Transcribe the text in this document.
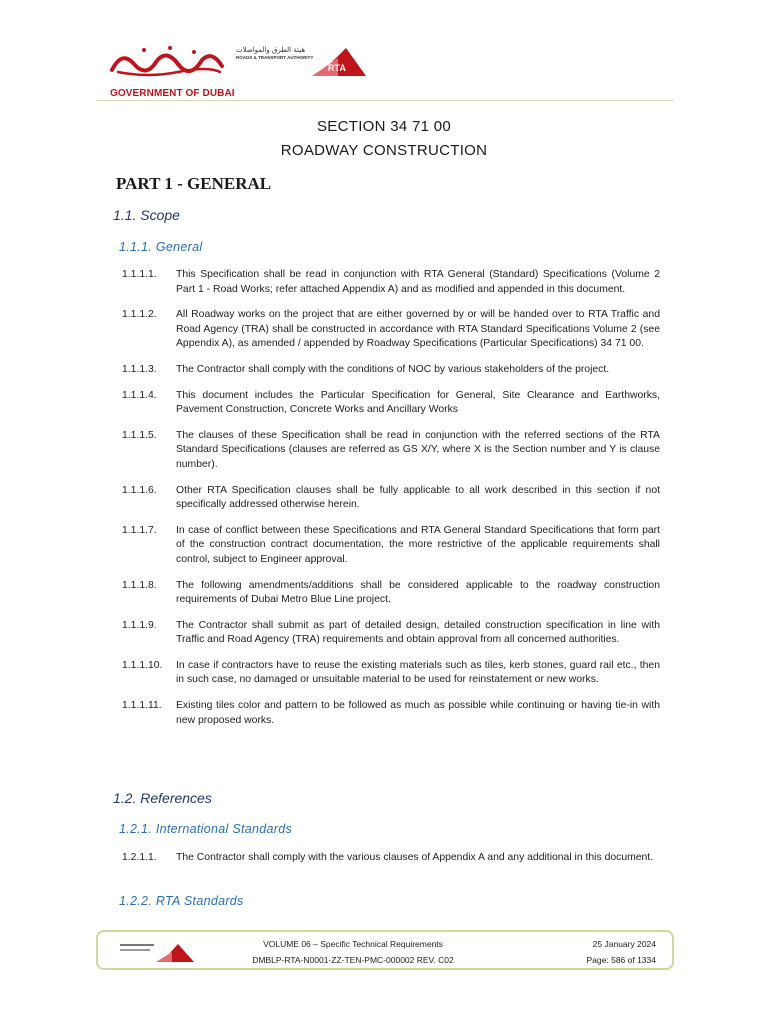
GOVERNMENT OF DUBAI
هيئة الطرق والمواصلات
ROADS & TRANSPORT AUTHORITY
RTA
SECTION 34 71 00
ROADWAY CONSTRUCTION
PART 1 - GENERAL
1.1. Scope
1.1.1. General
1.1.1.1.	This Specification shall be read in conjunction with RTA General (Standard) Specifications (Volume 2 Part 1 - Road Works; refer attached Appendix A) and as modified and appended in this document.
1.1.1.2.	All Roadway works on the project that are either governed by or will be handed over to RTA Traffic and Road Agency (TRA) shall be constructed in accordance with RTA Standard Specifications Volume 2 (see Appendix A), as amended / appended by Roadway Specifications (Particular Specifications) 34 71 00.
1.1.1.3.	The Contractor shall comply with the conditions of NOC by various stakeholders of the project.
1.1.1.4.	This document includes the Particular Specification for General, Site Clearance and Earthworks, Pavement Construction, Concrete Works and Ancillary Works
1.1.1.5.	The clauses of these Specification shall be read in conjunction with the referred sections of the RTA Standard Specifications (clauses are referred as GS X/Y, where X is the Section number and Y is clause number).
1.1.1.6.	Other RTA Specification clauses shall be fully applicable to all work described in this section if not specifically addressed otherwise herein.
1.1.1.7.	In case of conflict between these Specifications and RTA General Standard Specifications that form part of the construction contract documentation, the more restrictive of the applicable requirements shall control, subject to Engineer approval.
1.1.1.8.	The following amendments/additions shall be considered applicable to the roadway construction requirements of Dubai Metro Blue Line project.
1.1.1.9.	The Contractor shall submit as part of detailed design, detailed construction specification in line with Traffic and Road Agency (TRA) requirements and obtain approval from all concerned authorities.
1.1.1.10.	In case if contractors have to reuse the existing materials such as tiles, kerb stones, guard rail etc., then in such case, no damaged or unsuitable material to be used for reinstatement or new works.
1.1.1.11.	Existing tiles color and pattern to be followed as much as possible while continuing or having tie-in with new proposed works.
1.2. References
1.2.1. International Standards
1.2.1.1.	The Contractor shall comply with the various clauses of Appendix A and any additional in this document.
1.2.2. RTA Standards
VOLUME 06 – Specific Technical Requirements
DMBLP-RTA-N0001-ZZ-TEN-PMC-000002 REV. C02
25 January 2024
Page: 586 of 1334
